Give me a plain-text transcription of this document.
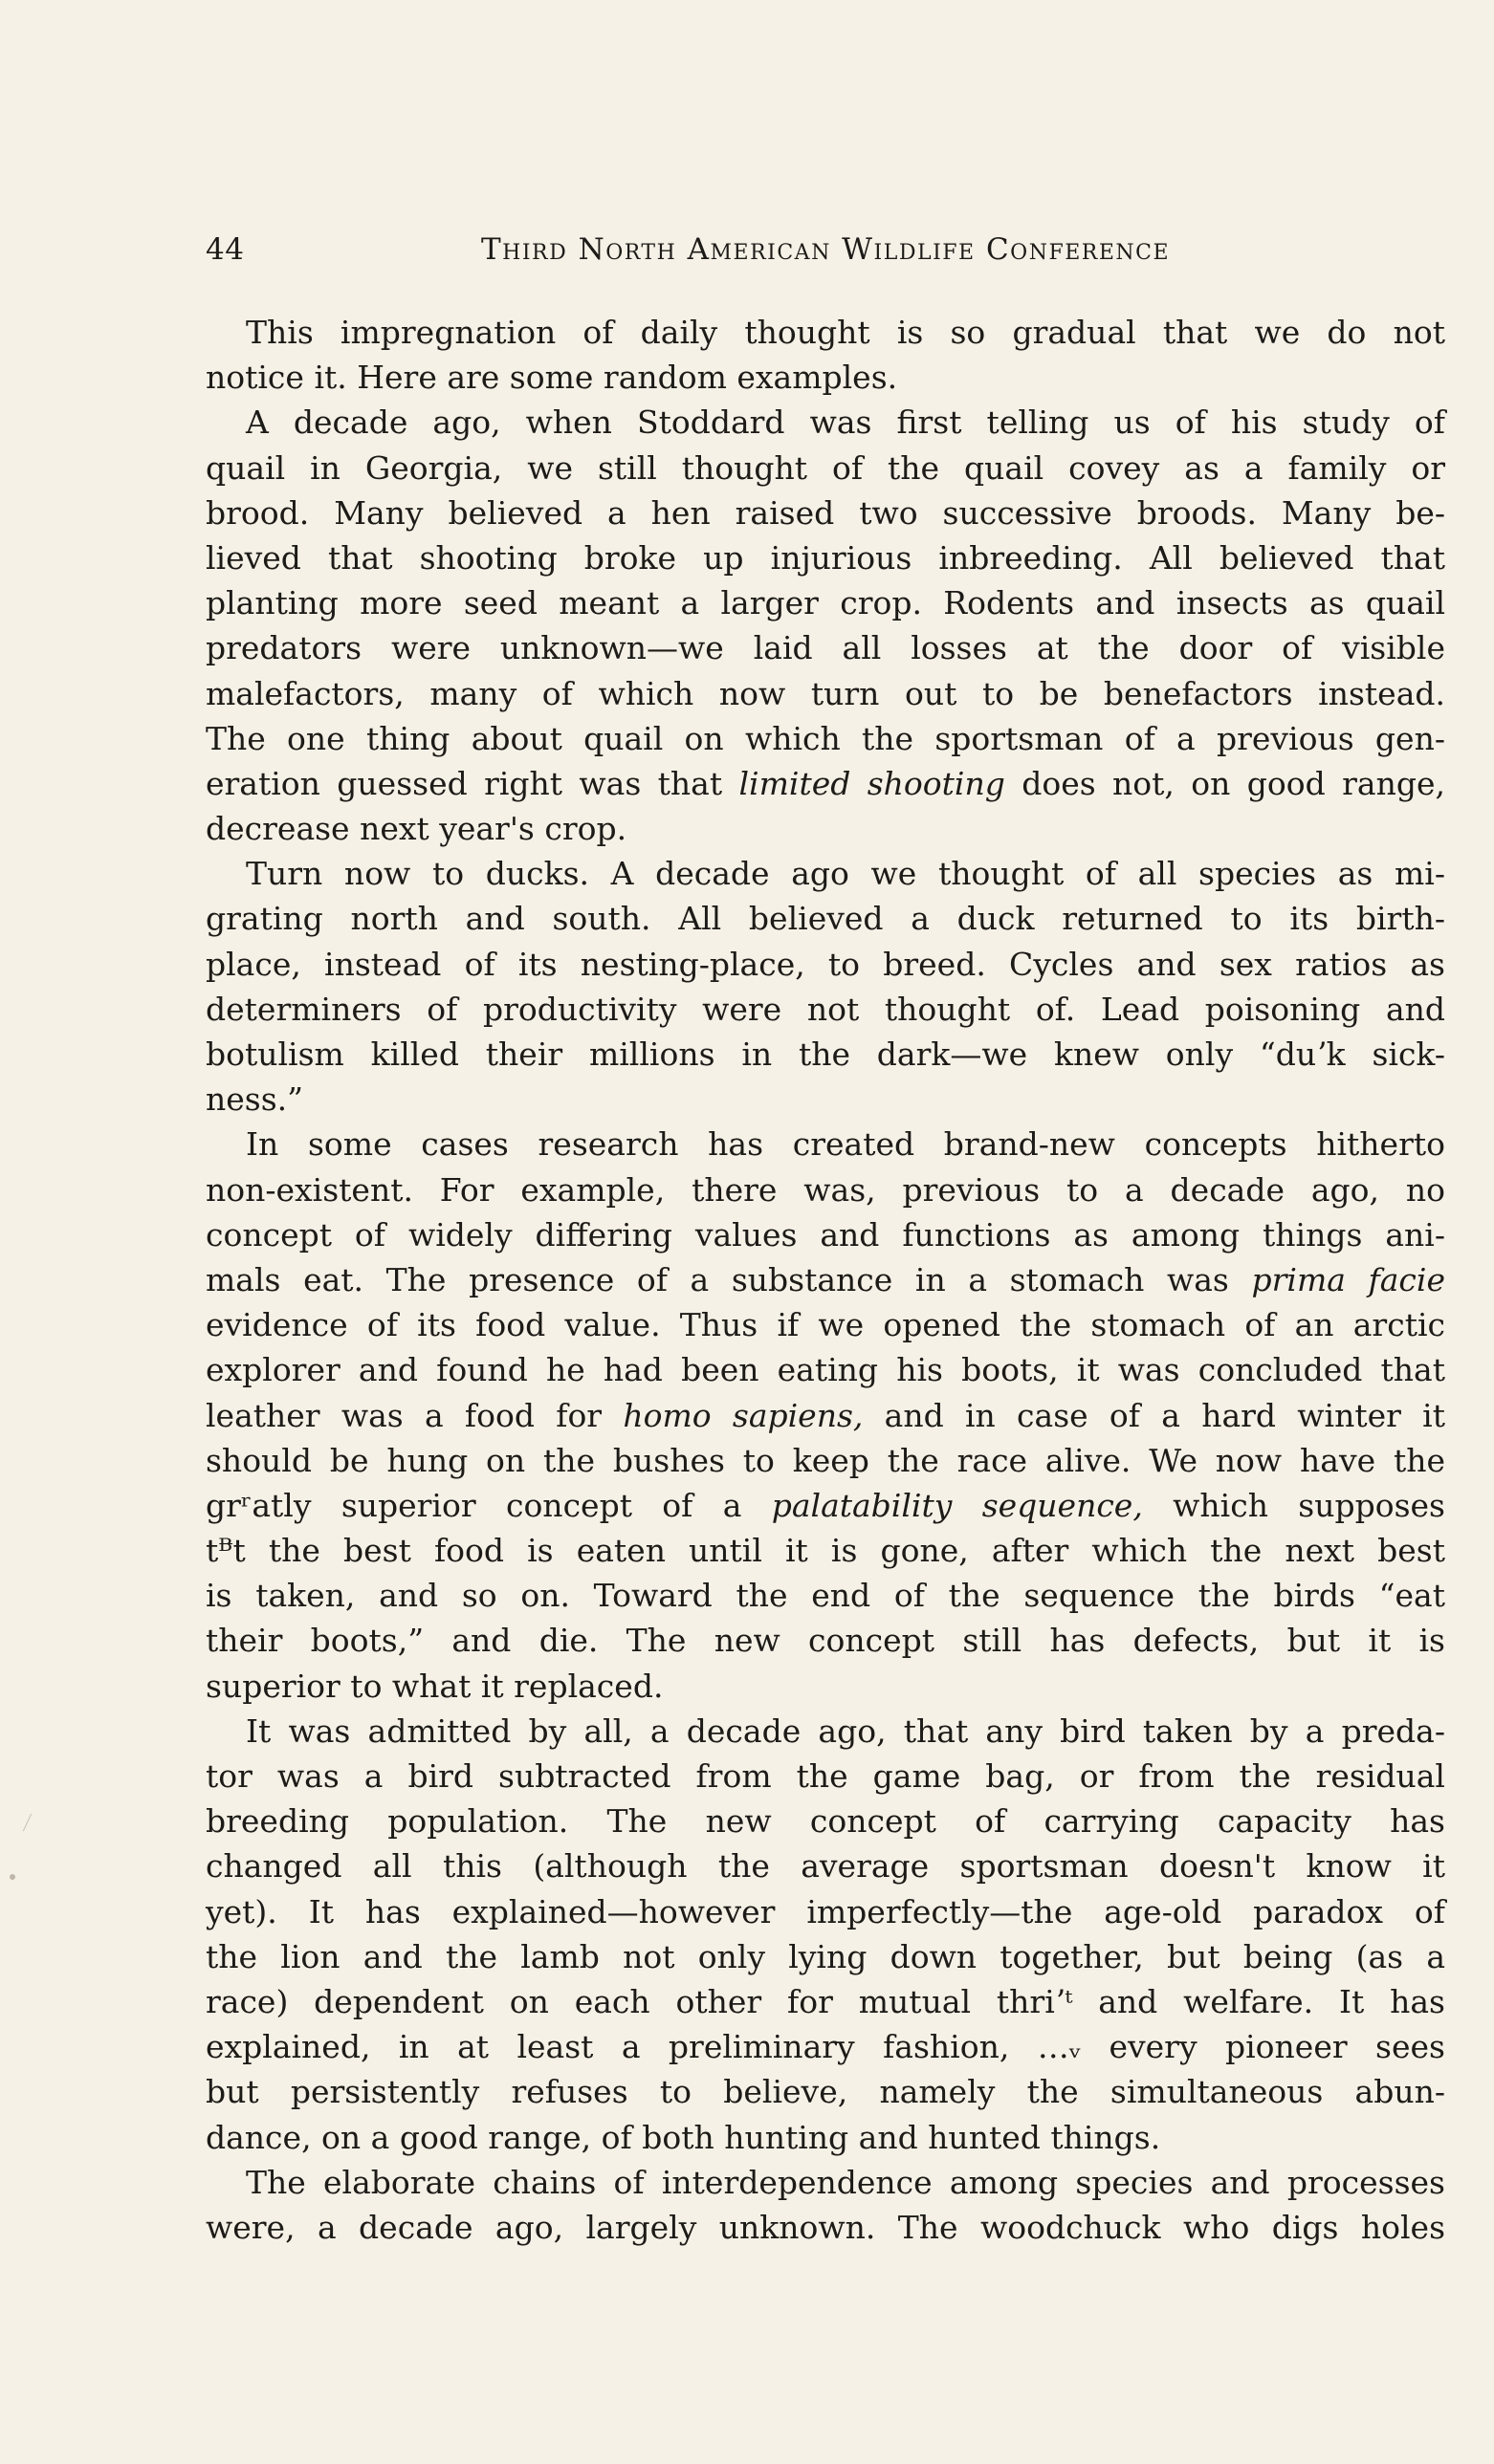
44	Third North American Wildlife Conference
This impregnation of daily thought is so gradual that we do not
notice it. Here are some random examples.
A decade ago, when Stoddard was first telling us of his study of
quail in Georgia, we still thought of the quail covey as a family or
brood. Many believed a hen raised two successive broods. Many be-
lieved that shooting broke up injurious inbreeding. All believed that
planting more seed meant a larger crop. Rodents and insects as quail
predators were unknown—we laid all losses at the door of visible
malefactors, many of which now turn out to be benefactors instead.
The one thing about quail on which the sportsman of a previous gen-
eration guessed right was that limited shooting does not, on good range,
decrease next year's crop.
Turn now to ducks. A decade ago we thought of all species as mi-
grating north and south. All believed a duck returned to its birth-
place, instead of its nesting-place, to breed. Cycles and sex ratios as
determiners of productivity were not thought of. Lead poisoning and
botulism killed their millions in the dark—we knew only “duʼk sick-
ness.”
In some cases research has created brand-new concepts hitherto
non-existent. For example, there was, previous to a decade ago, no
concept of widely differing values and functions as among things ani-
mals eat. The presence of a substance in a stomach was prima facie
evidence of its food value. Thus if we opened the stomach of an arctic
explorer and found he had been eating his boots, it was concluded that
leather was a food for homo sapiens, and in case of a hard winter it
should be hung on the bushes to keep the race alive. We now have the
grʳatly superior concept of a palatability sequence, which supposes
tᴯt the best food is eaten until it is gone, after which the next best
is taken, and so on. Toward the end of the sequence the birds “eat
their boots,” and die. The new concept still has defects, but it is
superior to what it replaced.
It was admitted by all, a decade ago, that any bird taken by a preda-
tor was a bird subtracted from the game bag, or from the residual
breeding population. The new concept of carrying capacity has
changed all this (although the average sportsman doesn't know it
yet). It has explained—however imperfectly—the age-old paradox of
the lion and the lamb not only lying down together, but being (as a
race) dependent on each other for mutual thriʼᵗ and welfare. It has
explained, in at least a preliminary fashion, …ᵥ every pioneer sees
but persistently refuses to believe, namely the simultaneous abun-
dance, on a good range, of both hunting and hunted things.
The elaborate chains of interdependence among species and processes
were, a decade ago, largely unknown. The woodchuck who digs holes
